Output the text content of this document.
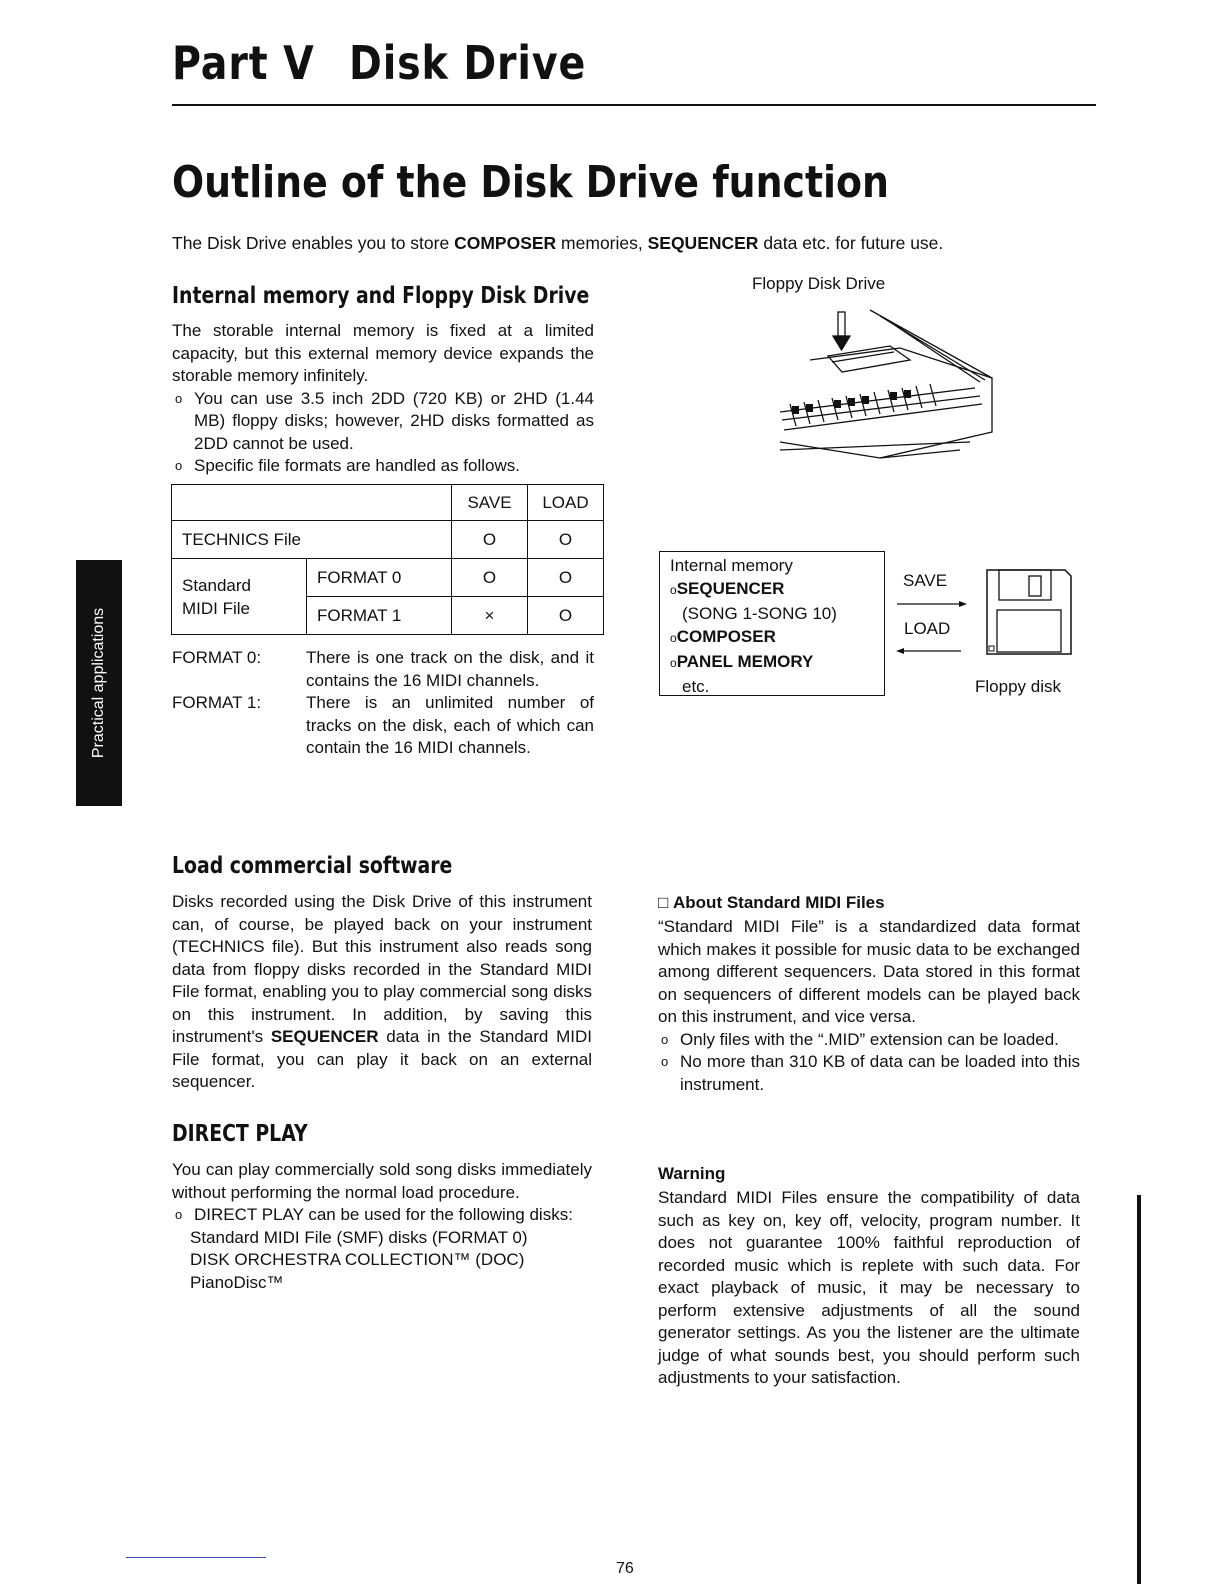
Part V Disk Drive
Outline of the Disk Drive function
The Disk Drive enables you to store COMPOSER memories, SEQUENCER data etc. for future use.
Practical applications
Internal memory and Floppy Disk Drive

The storable internal memory is fixed at a limited capacity, but this external memory device expands the storable memory infinitely.

o You can use 3.5 inch 2DD (720 KB) or 2HD (1.44 MB) floppy disks; however, 2HD disks formatted as 2DD cannot be used.
o Specific file formats are handled as follows.
		SAVE	LOAD
TECHNICS File		O	O

Standard MIDI File	FORMAT 0	O	O
	FORMAT 1	×	O
FORMAT 0:	There is one track on the disk, and it contains the 16 MIDI channels.
FORMAT 1:	There is an unlimited number of tracks on the disk, each of which can contain the 16 MIDI channels.
Floppy Disk Drive
Internal memory
oSEQUENCER
(SONG 1-SONG 10)
oCOMPOSER
oPANEL MEMORY
etc.
SAVE
LOAD
Floppy disk
Load commercial software

Disks recorded using the Disk Drive of this instrument can, of course, be played back on your instrument (TECHNICS file). But this instrument also reads song data from floppy disks recorded in the Standard MIDI File format, enabling you to play commercial song disks on this instrument. In addition, by saving this instrument's SEQUENCER data in the Standard MIDI File format, you can play it back on an external sequencer.

DIRECT PLAY

You can play commercially sold song disks immediately without performing the normal load procedure.

o DIRECT PLAY can be used for the following disks:
Standard MIDI File (SMF) disks (FORMAT 0)
DISK ORCHESTRA COLLECTION™ (DOC)
PianoDisc™
□ About Standard MIDI Files

“Standard MIDI File” is a standardized data format which makes it possible for music data to be exchanged among different sequencers. Data stored in this format on sequencers of different models can be played back on this instrument, and vice versa.

o Only files with the “.MID” extension can be loaded.
o No more than 310 KB of data can be loaded into this instrument.
Warning

Standard MIDI Files ensure the compatibility of data such as key on, key off, velocity, program number. It does not guarantee 100% faithful reproduction of recorded music which is replete with such data. For exact playback of music, it may be necessary to perform extensive adjustments of all the sound generator settings. As you the listener are the ultimate judge of what sounds best, you should perform such adjustments to your satisfaction.

76
